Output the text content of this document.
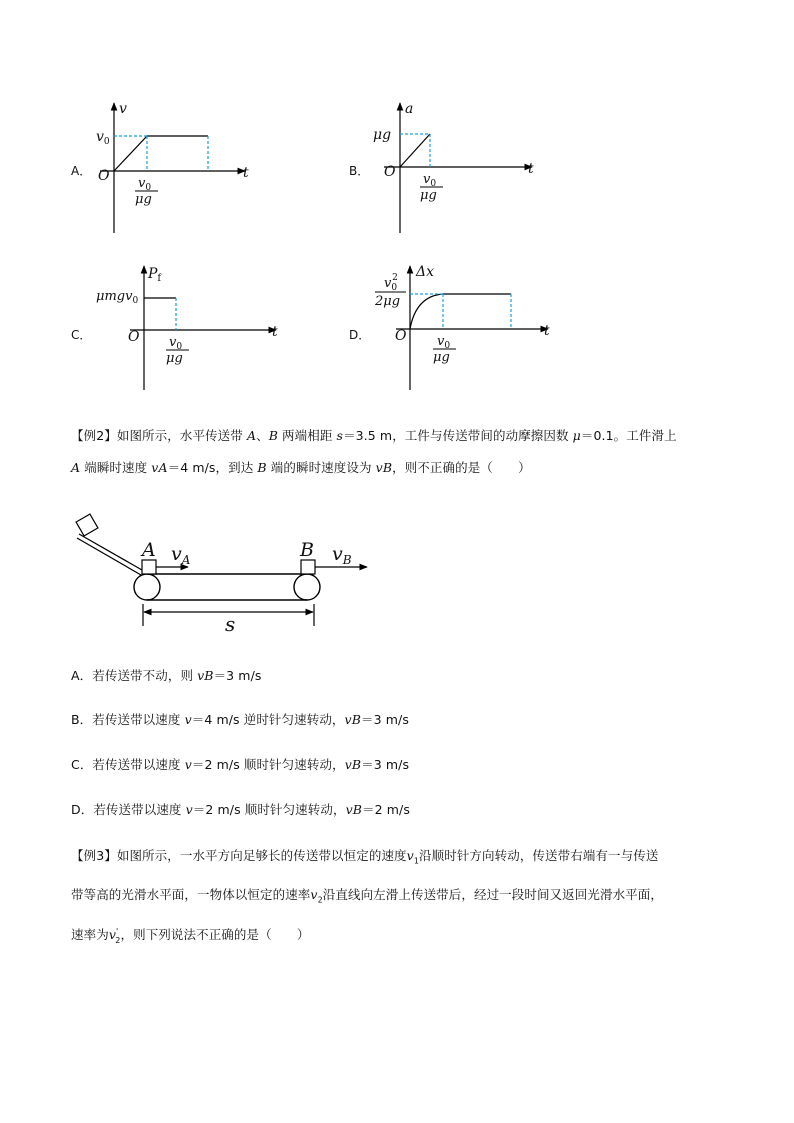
A．
v
t
O
$v_0$
$v_0$
μg
B．
a
t
O
μg
$v_0$
μg
C．
$P_f$
t
O
μmgv$_0$
$v_0$
μg
D．
Δx
t
O
$v_02$
2μg
$v_0$
μg
【例2】如图所示，水平传送带 A、B 两端相距 s＝3.5 m，工件与传送带间的动摩擦因数 μ＝0.1。工件滑上
A 端瞬时速度 vA＝4 m/s，到达 B 端的瞬时速度设为 vB，则不正确的是（　　）
A	B
$v_A$	$v_B$
s
A．若传送带不动，则 vB＝3 m/s
B．若传送带以速度 v＝4 m/s 逆时针匀速转动，vB＝3 m/s
C．若传送带以速度 v＝2 m/s 顺时针匀速转动，vB＝3 m/s
D．若传送带以速度 v＝2 m/s 顺时针匀速转动，vB＝2 m/s
【例3】如图所示，一水平方向足够长的传送带以恒定的速度$v_1$沿顺时针方向转动，传送带右端有一与传送
带等高的光滑水平面，一物体以恒定的速率$v_2$沿直线向左滑上传送带后，经过一段时间又返回光滑水平面，
速率为$v'_2$，则下列说法不正确的是（　　）
